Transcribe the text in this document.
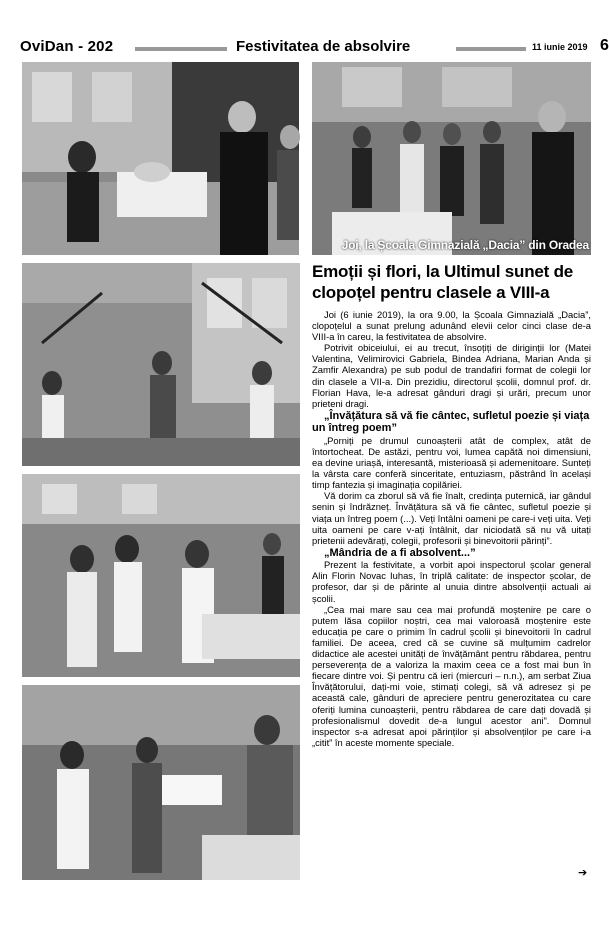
OviDan - 202	Festivitatea de absolvire	11 iunie 2019 6
Joi, la Școala Gimnazială „Dacia” din Oradea
Emoții și flori, la Ultimul sunet de clopoțel pentru clasele a VIII-a

Joi (6 iunie 2019), la ora 9.00, la Școala Gimnazială „Dacia”, clopoțelul a sunat prelung adunând elevii celor cinci clase de-a VIII-a în careu, la festivitatea de absolvire.

Potrivit obiceiului, ei au trecut, însoțiți de diriginții lor (Matei Valentina, Velimirovici Gabriela, Bindea Adriana, Marian Anda și Zamfir Alexandra) pe sub podul de trandafiri format de colegii lor din clasele a VII-a. Din prezidiu, directorul școlii, domnul prof. dr. Florian Hava, le-a adresat gânduri dragi și urări, precum unor prieteni dragi.

„Învățătura să vă fie cântec, sufletul poezie și viața un întreg poem”

„Porniți pe drumul cunoașterii atât de complex, atât de întortocheat. De astăzi, pentru voi, lumea capătă noi dimensiuni, ea devine uriașă, interesantă, misterioasă și ademenitoare. Sunteți la vârsta care conferă sinceritate, entuziasm, păstrând în același timp fantezia și imaginația copilăriei.

Vă dorim ca zborul să vă fie înalt, credința puternică, iar gândul senin și îndrăzneț. Învățătura să vă fie cântec, sufletul poezie și viața un întreg poem (...). Veți întâlni oameni pe care-i veți uita. Veți uita oameni pe care v-ați întâlnit, dar niciodată să nu vă uitați prietenii adevărați, colegii, profesorii și binevoitorii părinți”.

„Mândria de a fi absolvent...”

Prezent la festivitate, a vorbit apoi inspectorul școlar general Alin Florin Novac Iuhas, în triplă calitate: de inspector școlar, de profesor, dar și de părinte al unuia dintre absolvenții actuali ai școlii.

„Cea mai mare sau cea mai profundă moștenire pe care o putem lăsa copiilor noștri, cea mai valoroasă moștenire este educația pe care o primim în cadrul școlii și binevoitorii în cadrul familiei. De aceea, cred că se cuvine să mulțumim cadrelor didactice ale acestei unități de învățământ pentru răbdarea, pentru perseverența de a valoriza la maxim ceea ce a fost mai bun în fiecare dintre voi. Și pentru că ieri (miercuri – n.n.), am serbat Ziua Învățătorului, dați-mi voie, stimați colegi, să vă adresez și pe această cale, gânduri de apreciere pentru generozitatea cu care oferiți lumina cunoașterii, pentru răbdarea de care dați dovadă și profesionalismul dovedit de-a lungul acestor ani”. Domnul inspector s-a adresat apoi părinților și absolvenților pe care i-a „citit” în aceste momente speciale.

➔
